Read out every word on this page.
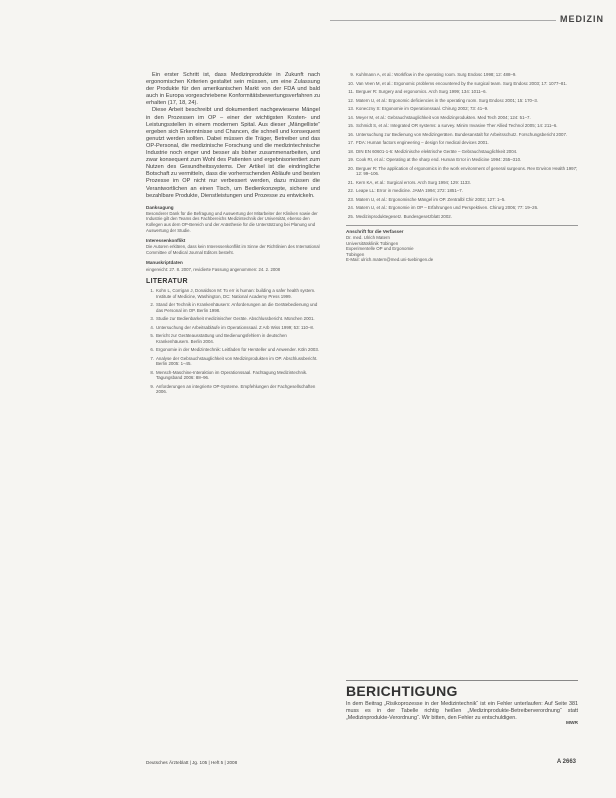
MEDIZIN

Ein erster Schritt ist, dass Medizinprodukte in Zukunft nach ergonomischen Kriterien gestaltet sein müssen, um eine Zulassung der Produkte für den amerikanischen Markt von der FDA und bald auch in Europa vorgeschriebene Konformitätsbewertungsverfahren zu erhalten (17, 18, 24).

Diese Arbeit beschreibt und dokumentiert nachgewiesene Mängel in den Prozessen im OP – einer der wichtigsten Kosten- und Leistungsstellen in einem modernen Spital. Aus dieser „Mängelliste“ ergeben sich Erkenntnisse und Chancen, die schnell und konsequent genutzt werden sollten. Dabei müssen die Träger, Betreiber und das OP-Personal, die medizinische Forschung und die medizintechnische Industrie noch enger und besser als bisher zusammenarbeiten, und zwar konsequent zum Wohl des Patienten und ergebnisorientiert zum Nutzen des Gesundheitssystems. Der Artikel ist die eindringliche Botschaft zu vermitteln, dass die vorherrschenden Abläufe und besten Prozesse im OP nicht nur verbessert werden, dazu müssen die Verantwortlichen an einen Tisch, um Bedienkonzepte, sichere und bezahlbare Produkte, Dienstleistungen und Prozesse zu entwickeln.

Danksagung
Besonderer Dank für die Befragung und Auswertung der Mitarbeiter der Kliniken sowie der Industrie gilt den Teams des Fachbereichs Medizintechnik der Universität, ebenso den Kollegen aus dem OP-Bereich und der Anästhesie für die Unterstützung bei Planung und Auswertung der Studie.
Interessenkonflikt
Die Autoren erklären, dass kein Interessenkonflikt im Sinne der Richtlinien des International Committee of Medical Journal Editors besteht.
Manuskriptdaten
eingereicht: 27. 8. 2007, revidierte Fassung angenommen: 24. 2. 2008
LITERATUR
1. Kohn L, Corrigan J, Donaldson M: To err is human: building a safer health system. Institute of Medicine, Washington, DC: National Academy Press 1999.
2. Stand der Technik in Krankenhäusern: Anforderungen an die Gerätebedienung und das Personal im OP. Berlin 1998.
3. Studie zur Bedienbarkeit medizinischer Geräte. Abschlussbericht. München 2001.
4. Untersuchung der Arbeitsabläufe im Operationssaal. Z Arb Wiss 1999; 53: 110–8.
5. Bericht zur Geräteausstattung und Bedienungsfehlern in deutschen Krankenhäusern. Berlin 2004.
6. Ergonomie in der Medizintechnik: Leitfaden für Hersteller und Anwender. Köln 2003.
7. Analyse der Gebrauchstauglichkeit von Medizinprodukten im OP. Abschlussbericht. Berlin 2005: 1–45.
8. Mensch-Maschine-Interaktion im Operationssaal. Fachtagung Medizintechnik. Tagungsband 2006: 88–96.
9. Anforderungen an integrierte OP-Systeme. Empfehlungen der Fachgesellschaften 2006.
9. Kuhlmann A, et al.: Workflow in the operating room. Surg Endosc 1998; 12: 488–9.
10. Van Veen M, et al.: Ergonomic problems encountered by the surgical team. Surg Endosc 2003; 17: 1077–81.
11. Berguer R: Surgery and ergonomics. Arch Surg 1999; 134: 1011–6.
12. Matern U, et al.: Ergonomic deficiencies in the operating room. Surg Endosc 2001; 15: 170–3.
13. Koneczny S: Ergonomie im Operationssaal. Chirurg 2002; 73: 41–9.
14. Meyer M, et al.: Gebrauchstauglichkeit von Medizinprodukten. Med Tech 2004; 124: 51–7.
15. Schmidt S, et al.: Integrated OR systems: a survey. Minim Invasive Ther Allied Technol 2005; 14: 211–6.
16. Untersuchung zur Bedienung von Medizingeräten. Bundesanstalt für Arbeitsschutz. Forschungsbericht 2007.
17. FDA: Human factors engineering – design for medical devices 2001.
18. DIN EN 60601-1-6: Medizinische elektrische Geräte – Gebrauchstauglichkeit 2004.
19. Cook RI, et al.: Operating at the sharp end. Human Error in Medicine 1994: 255–310.
20. Berguer R: The application of ergonomics in the work environment of general surgeons. Rev Environ Health 1997; 12: 99–106.
21. Kern KA, et al.: Surgical errors. Arch Surg 1994; 129: 1133.
22. Leape LL: Error in medicine. JAMA 1994; 272: 1851–7.
23. Matern U, et al.: Ergonomische Mängel im OP. Zentralbl Chir 2002; 127: 1–5.
24. Matern U, et al.: Ergonomie im OP – Erfahrungen und Perspektiven. Chirurg 2006; 77: 19–26.
25. Medizinproduktegesetz. Bundesgesetzblatt 2002.
Anschrift für die Verfasser
Dr. med. Ulrich Matern
Universitätsklinik Tübingen
Experimentelle OP und Ergonomie
Tübingen
E-Mail: ulrich.matern@med.uni-tuebingen.de
BERICHTIGUNG

In dem Beitrag „Risikoprozesse in der Medizintechnik“ ist ein Fehler unterlaufen: Auf Seite 381 muss es in der Tabelle richtig heißen „Medizinprodukte-Betreiberverordnung“ statt „Medizinprodukte-Verordnung“. Wir bitten, den Fehler zu entschuldigen.

MWR
Deutsches Ärzteblatt | Jg. 105 | Heft 5 | 2008	A 2663
